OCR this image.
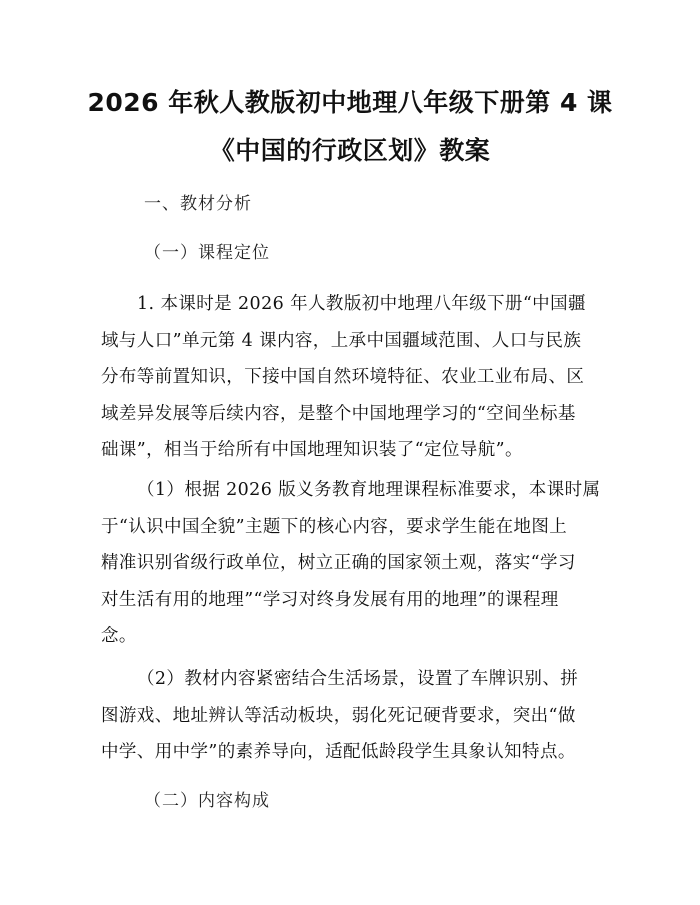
2026 年秋人教版初中地理八年级下册第 4 课
《中国的行政区划》教案
一、教材分析
（一）课程定位
1. 本课时是 2026 年人教版初中地理八年级下册“中国疆
域与人口”单元第 4 课内容，上承中国疆域范围、人口与民族
分布等前置知识，下接中国自然环境特征、农业工业布局、区
域差异发展等后续内容，是整个中国地理学习的“空间坐标基
础课”，相当于给所有中国地理知识装了“定位导航”。
（1）根据 2026 版义务教育地理课程标准要求，本课时属
于“认识中国全貌”主题下的核心内容，要求学生能在地图上
精准识别省级行政单位，树立正确的国家领土观，落实“学习
对生活有用的地理”“学习对终身发展有用的地理”的课程理
念。
（2）教材内容紧密结合生活场景，设置了车牌识别、拼
图游戏、地址辨认等活动板块，弱化死记硬背要求，突出“做
中学、用中学”的素养导向，适配低龄段学生具象认知特点。
（二）内容构成
